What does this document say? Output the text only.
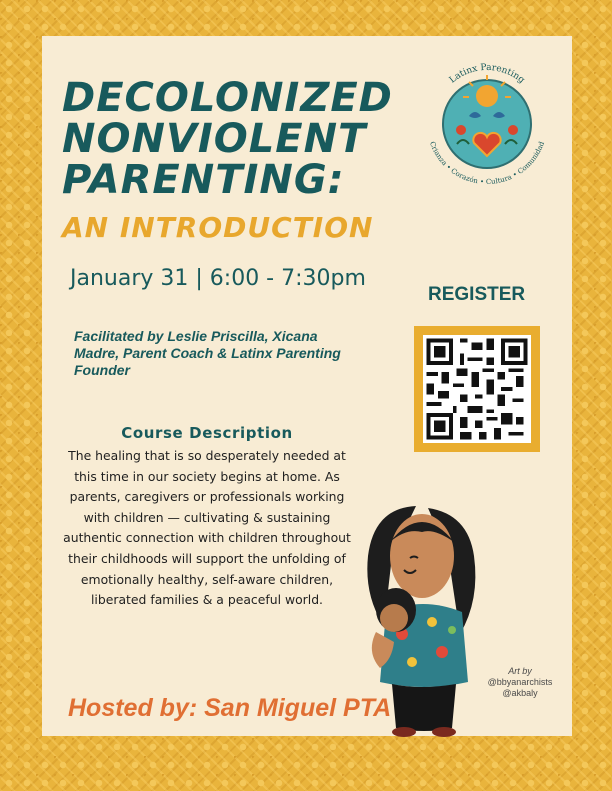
DECOLONIZED
NONVIOLENT
PARENTING:
AN INTRODUCTION
January 31 | 6:00 - 7:30pm
Facilitated by Leslie Priscilla, Xicana Madre, Parent Coach & Latinx Parenting Founder
Course Description
The healing that is so desperately needed at this time in our society begins at home. As parents, caregivers or professionals working with children — cultivating & sustaining authentic connection with children throughout their childhoods will support the unfolding of emotionally healthy, self-aware children, liberated families & a peaceful world.
Hosted by: San Miguel PTA
Latinx Parenting
Crianza • Corazón • Cultura • Comunidad
REGISTER
Art by
@bbyanarchists
@akbaly
